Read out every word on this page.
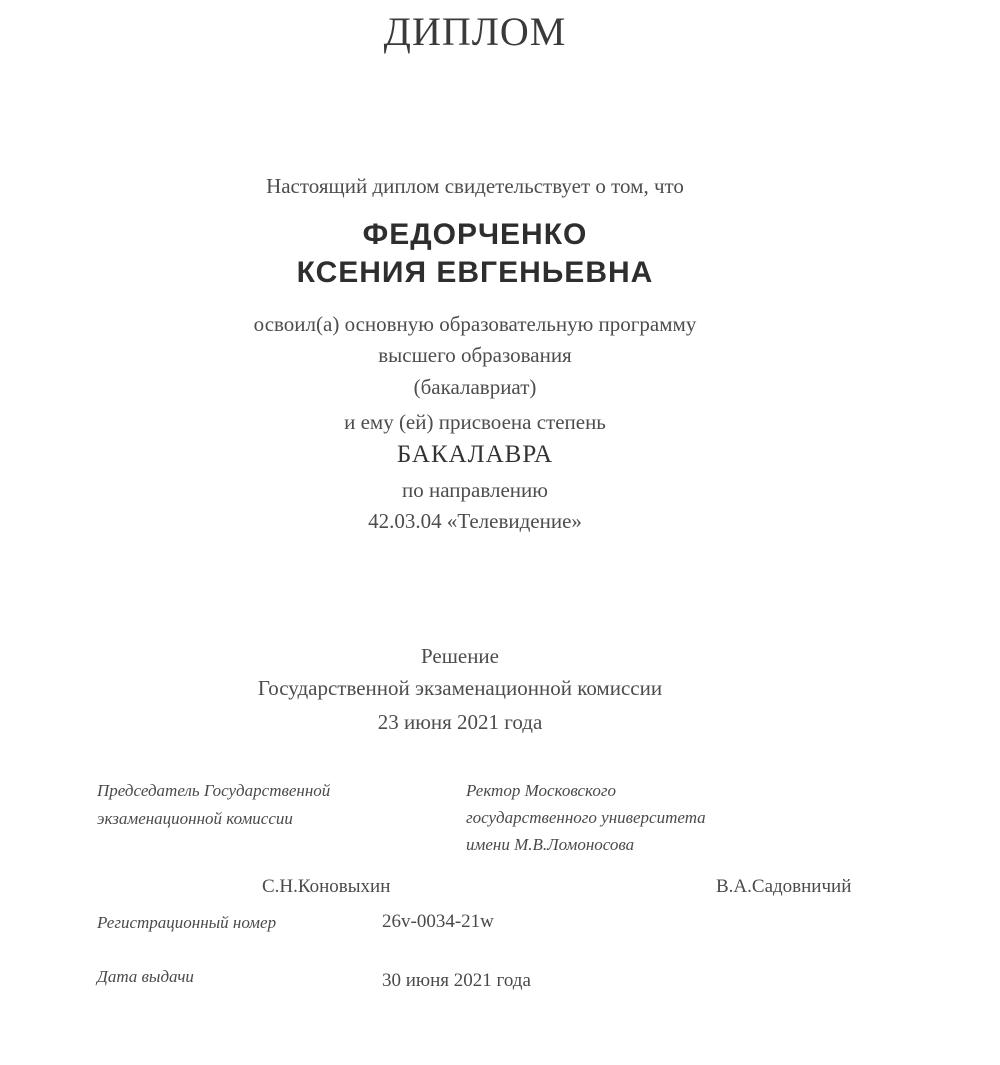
ДИПЛОМ
Настоящий диплом свидетельствует о том, что
ФЕДОРЧЕНКО
КСЕНИЯ ЕВГЕНЬЕВНА
освоил(а) основную образовательную программу
высшего образования
(бакалавриат)
и ему (ей) присвоена степень
БАКАЛАВРА
по направлению
42.03.04 «Телевидение»
Решение
Государственной экзаменационной комиссии
23 июня 2021 года
Председатель Государственной
экзаменационной комиссии
Ректор Московского
государственного университета
имени М.В.Ломоносова
С.Н.Коновыхин	В.А.Садовничий
Регистрационный номер	26v-0034-21w
Дата выдачи	30 июня 2021 года
